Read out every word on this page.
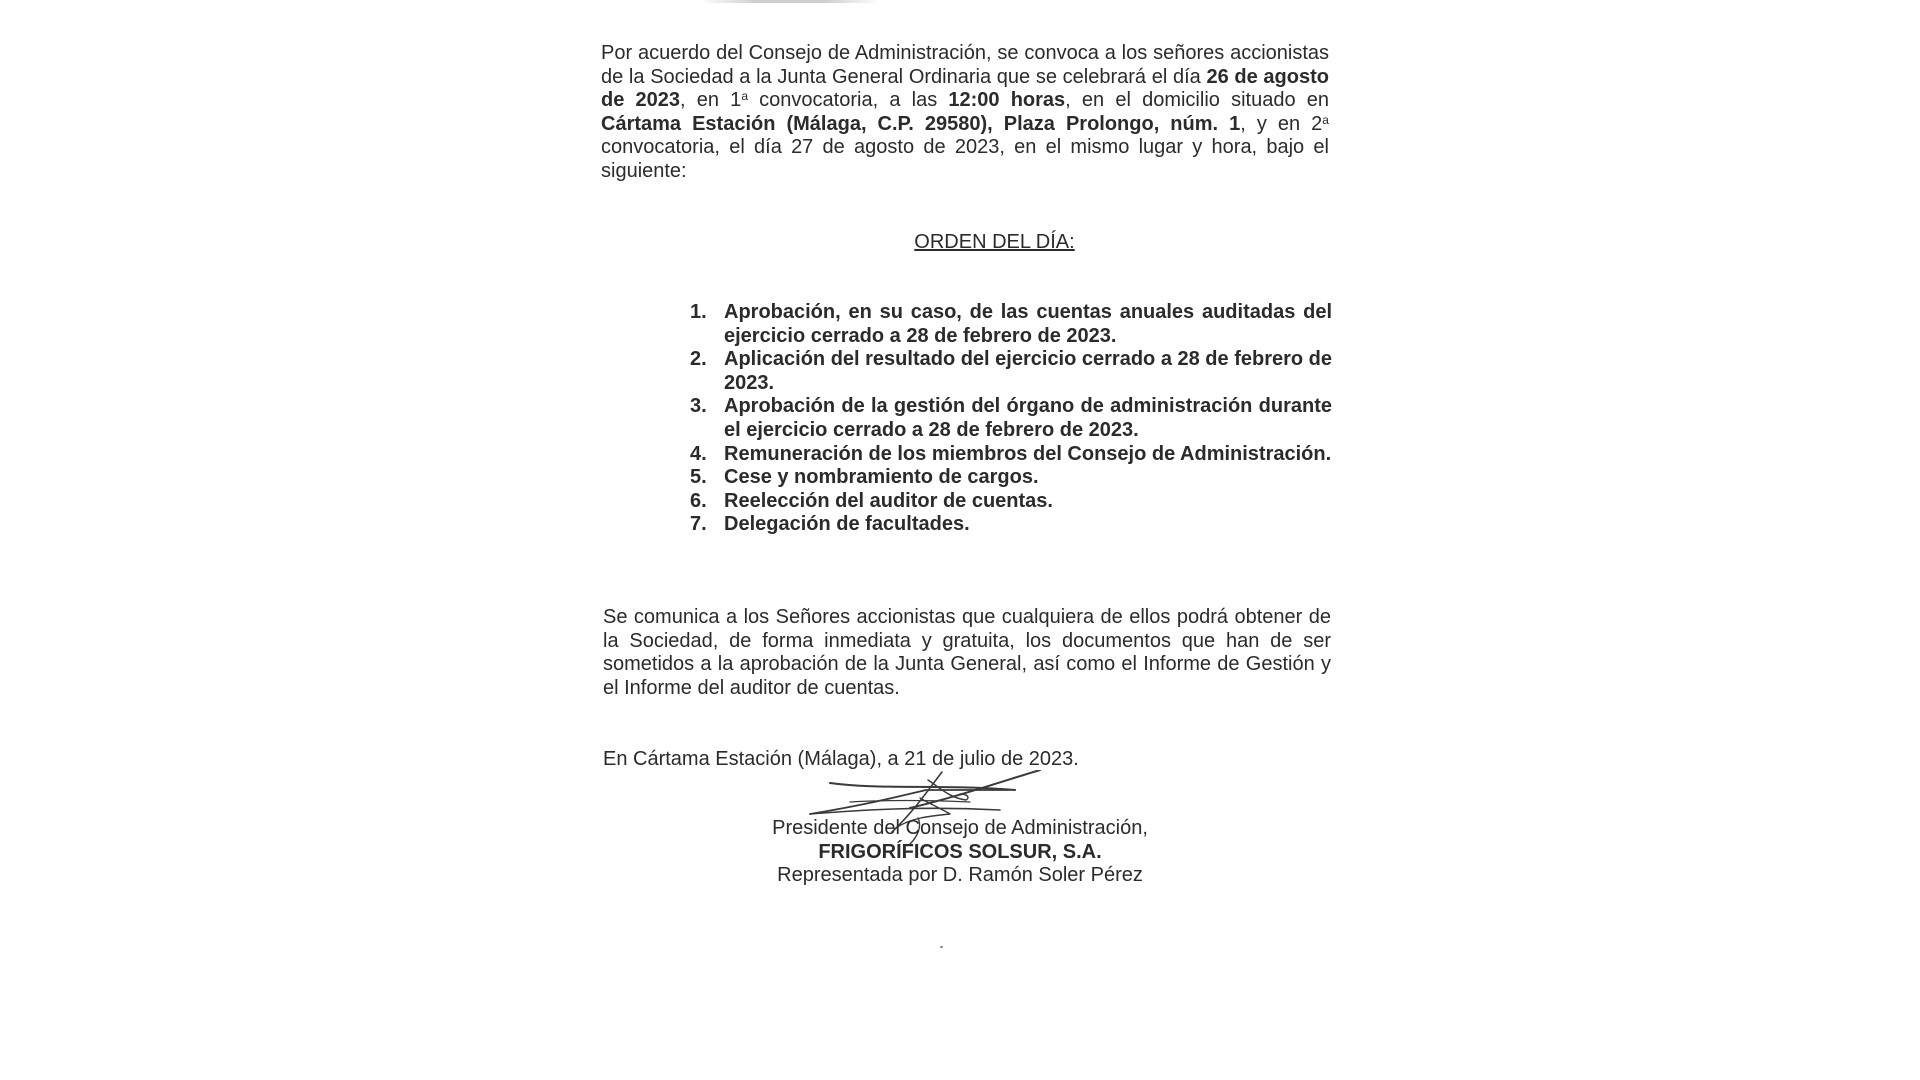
Por acuerdo del Consejo de Administración, se convoca a los señores accionistas de la Sociedad a la Junta General Ordinaria que se celebrará el día 26 de agosto de 2023, en 1$^a$ convocatoria, a las 12:00 horas, en el domicilio situado en Cártama Estación (Málaga, C.P. 29580), Plaza Prolongo, núm. 1, y en 2$^a$ convocatoria, el día 27 de agosto de 2023, en el mismo lugar y hora, bajo el siguiente:

ORDEN DEL DÍA:
1. Aprobación, en su caso, de las cuentas anuales auditadas del ejercicio cerrado a 28 de febrero de 2023.
2. Aplicación del resultado del ejercicio cerrado a 28 de febrero de 2023.
3. Aprobación de la gestión del órgano de administración durante el ejercicio cerrado a 28 de febrero de 2023.
4. Remuneración de los miembros del Consejo de Administración.
5. Cese y nombramiento de cargos.
6. Reelección del auditor de cuentas.
7. Delegación de facultades.

Se comunica a los Señores accionistas que cualquiera de ellos podrá obtener de la Sociedad, de forma inmediata y gratuita, los documentos que han de ser sometidos a la aprobación de la Junta General, así como el Informe de Gestión y el Informe del auditor de cuentas.

En Cártama Estación (Málaga), a 21 de julio de 2023.
Presidente del Consejo de Administración,
FRIGORÍFICOS SOLSUR, S.A.
Representada por D. Ramón Soler Pérez
